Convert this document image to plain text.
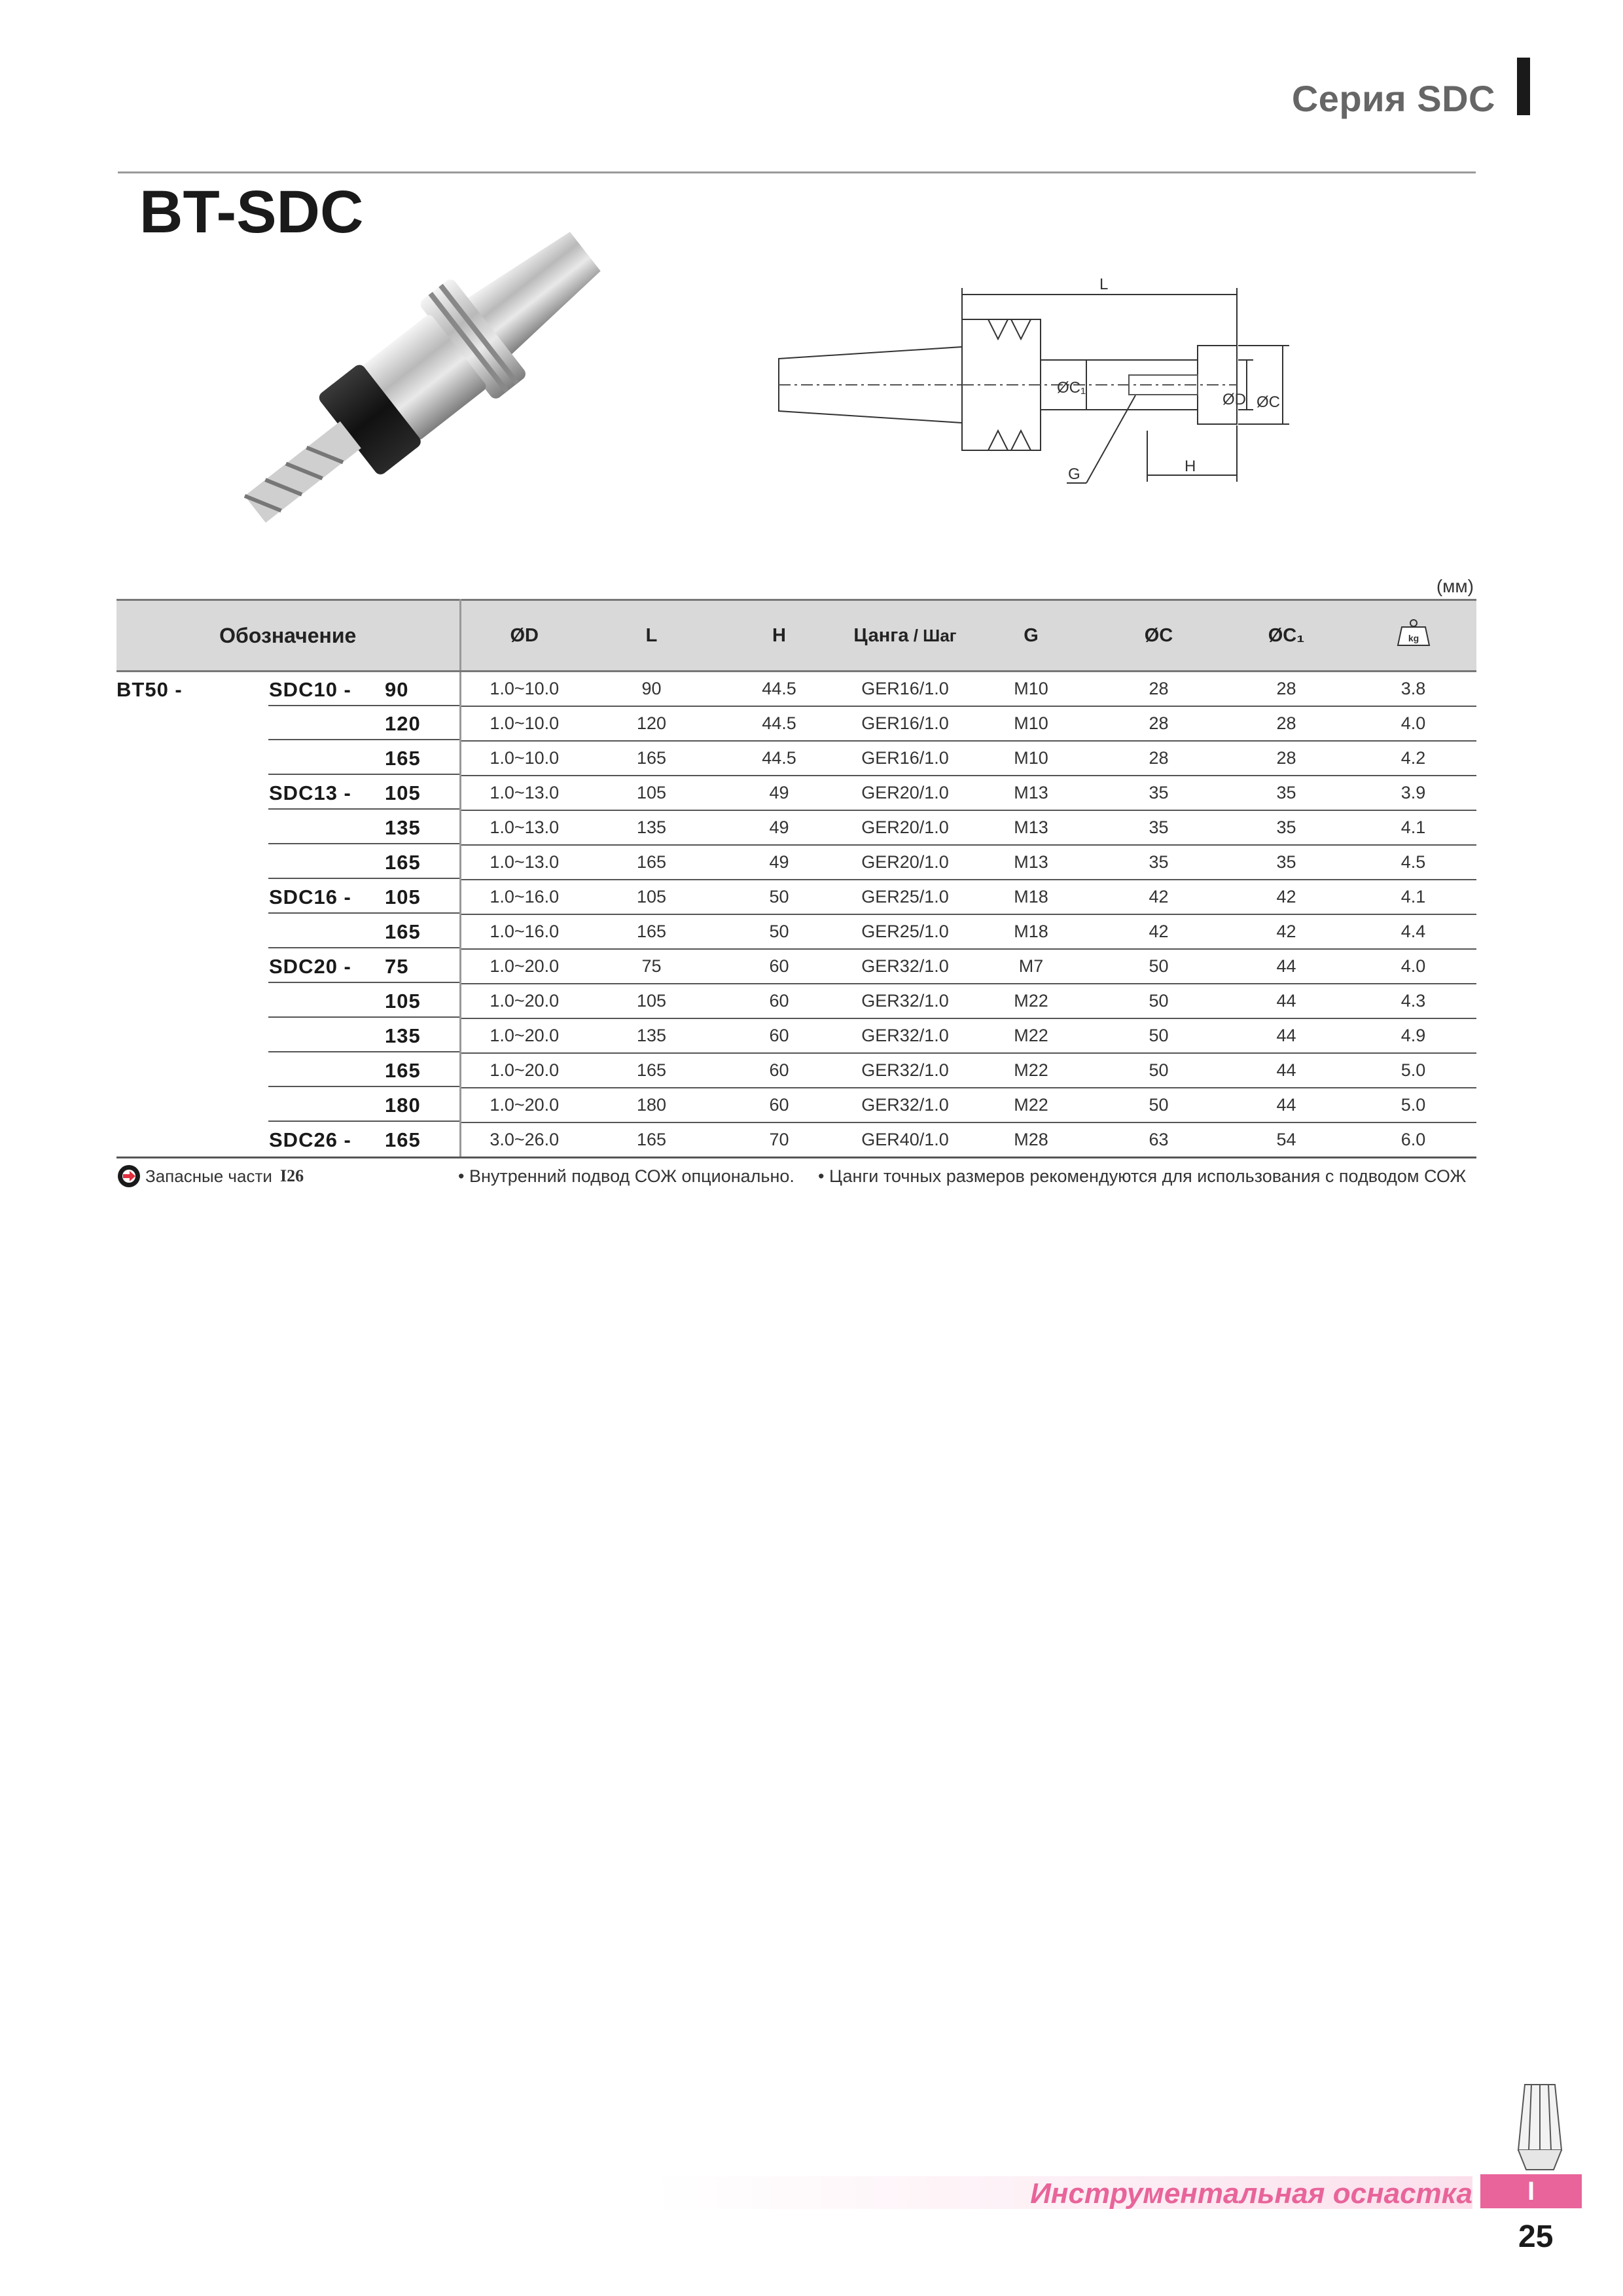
Серия SDC
BT-SDC
L
ØC₁
ØD ØC
G	H
(мм)
Обозначение	ØD	L	H	Цанга / Шаг	G	ØC	ØC₁	kg

BT50 - SDC10 - 90	1.0~10.0	90	44.5	GER16/1.0	M10	28	28	3.8

120	1.0~10.0	120	44.5	GER16/1.0	M10	28	28	4.0

165	1.0~10.0	165	44.5	GER16/1.0	M10	28	28	4.2

SDC13 - 105	1.0~13.0	105	49	GER20/1.0	M13	35	35	3.9

135	1.0~13.0	135	49	GER20/1.0	M13	35	35	4.1

165	1.0~13.0	165	49	GER20/1.0	M13	35	35	4.5

SDC16 - 105	1.0~16.0	105	50	GER25/1.0	M18	42	42	4.1

165	1.0~16.0	165	50	GER25/1.0	M18	42	42	4.4

SDC20 - 75	1.0~20.0	75	60	GER32/1.0	M7	50	44	4.0

105	1.0~20.0	105	60	GER32/1.0	M22	50	44	4.3

135	1.0~20.0	135	60	GER32/1.0	M22	50	44	4.9

165	1.0~20.0	165	60	GER32/1.0	M22	50	44	5.0

180	1.0~20.0	180	60	GER32/1.0	M22	50	44	5.0

SDC26 - 165	3.0~26.0	165	70	GER40/1.0	M28	63	54	6.0
Запасные части I26	• Внутренний подвод СОЖ опционально. • Цанги точных размеров рекомендуются для использования с подводом СОЖ
Инструментальная оснастка	I
25
